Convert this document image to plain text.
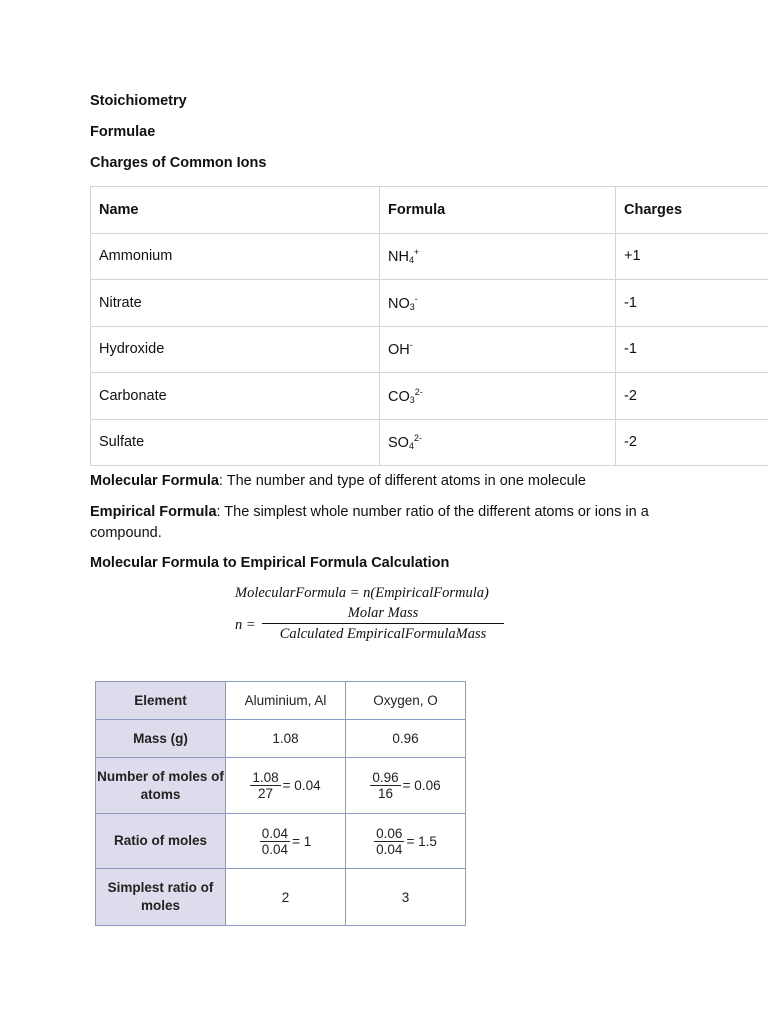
Stoichiometry
Formulae
Charges of Common Ions
Name	Formula	Charges
Ammonium	$NH_4^+$	+1
Nitrate	$NO_3^-$	-1
Hydroxide	OH-	-1
Carbonate	$CO_3^{2-}$	-2
Sulfate	$SO_4^{2-}$	-2
Molecular Formula: The number and type of different atoms in one molecule
Empirical Formula: The simplest whole number ratio of the different atoms or ions in a compound.
Molecular Formula to Empirical Formula Calculation
MolecularFormula = n(EmpiricalFormula)
n =
Molar Mass
Calculated EmpiricalFormulaMass
Element	Aluminium, Al	Oxygen, O
Mass (g)	1.08	0.96
Number of moles of atoms	$\frac{1.08}{27} = 0.04$	$\frac{0.96}{16} = 0.06$
Ratio of moles	$\frac{0.04}{0.04} = 1$	$\frac{0.06}{0.04} = 1.5$
Simplest ratio of moles	2	3
